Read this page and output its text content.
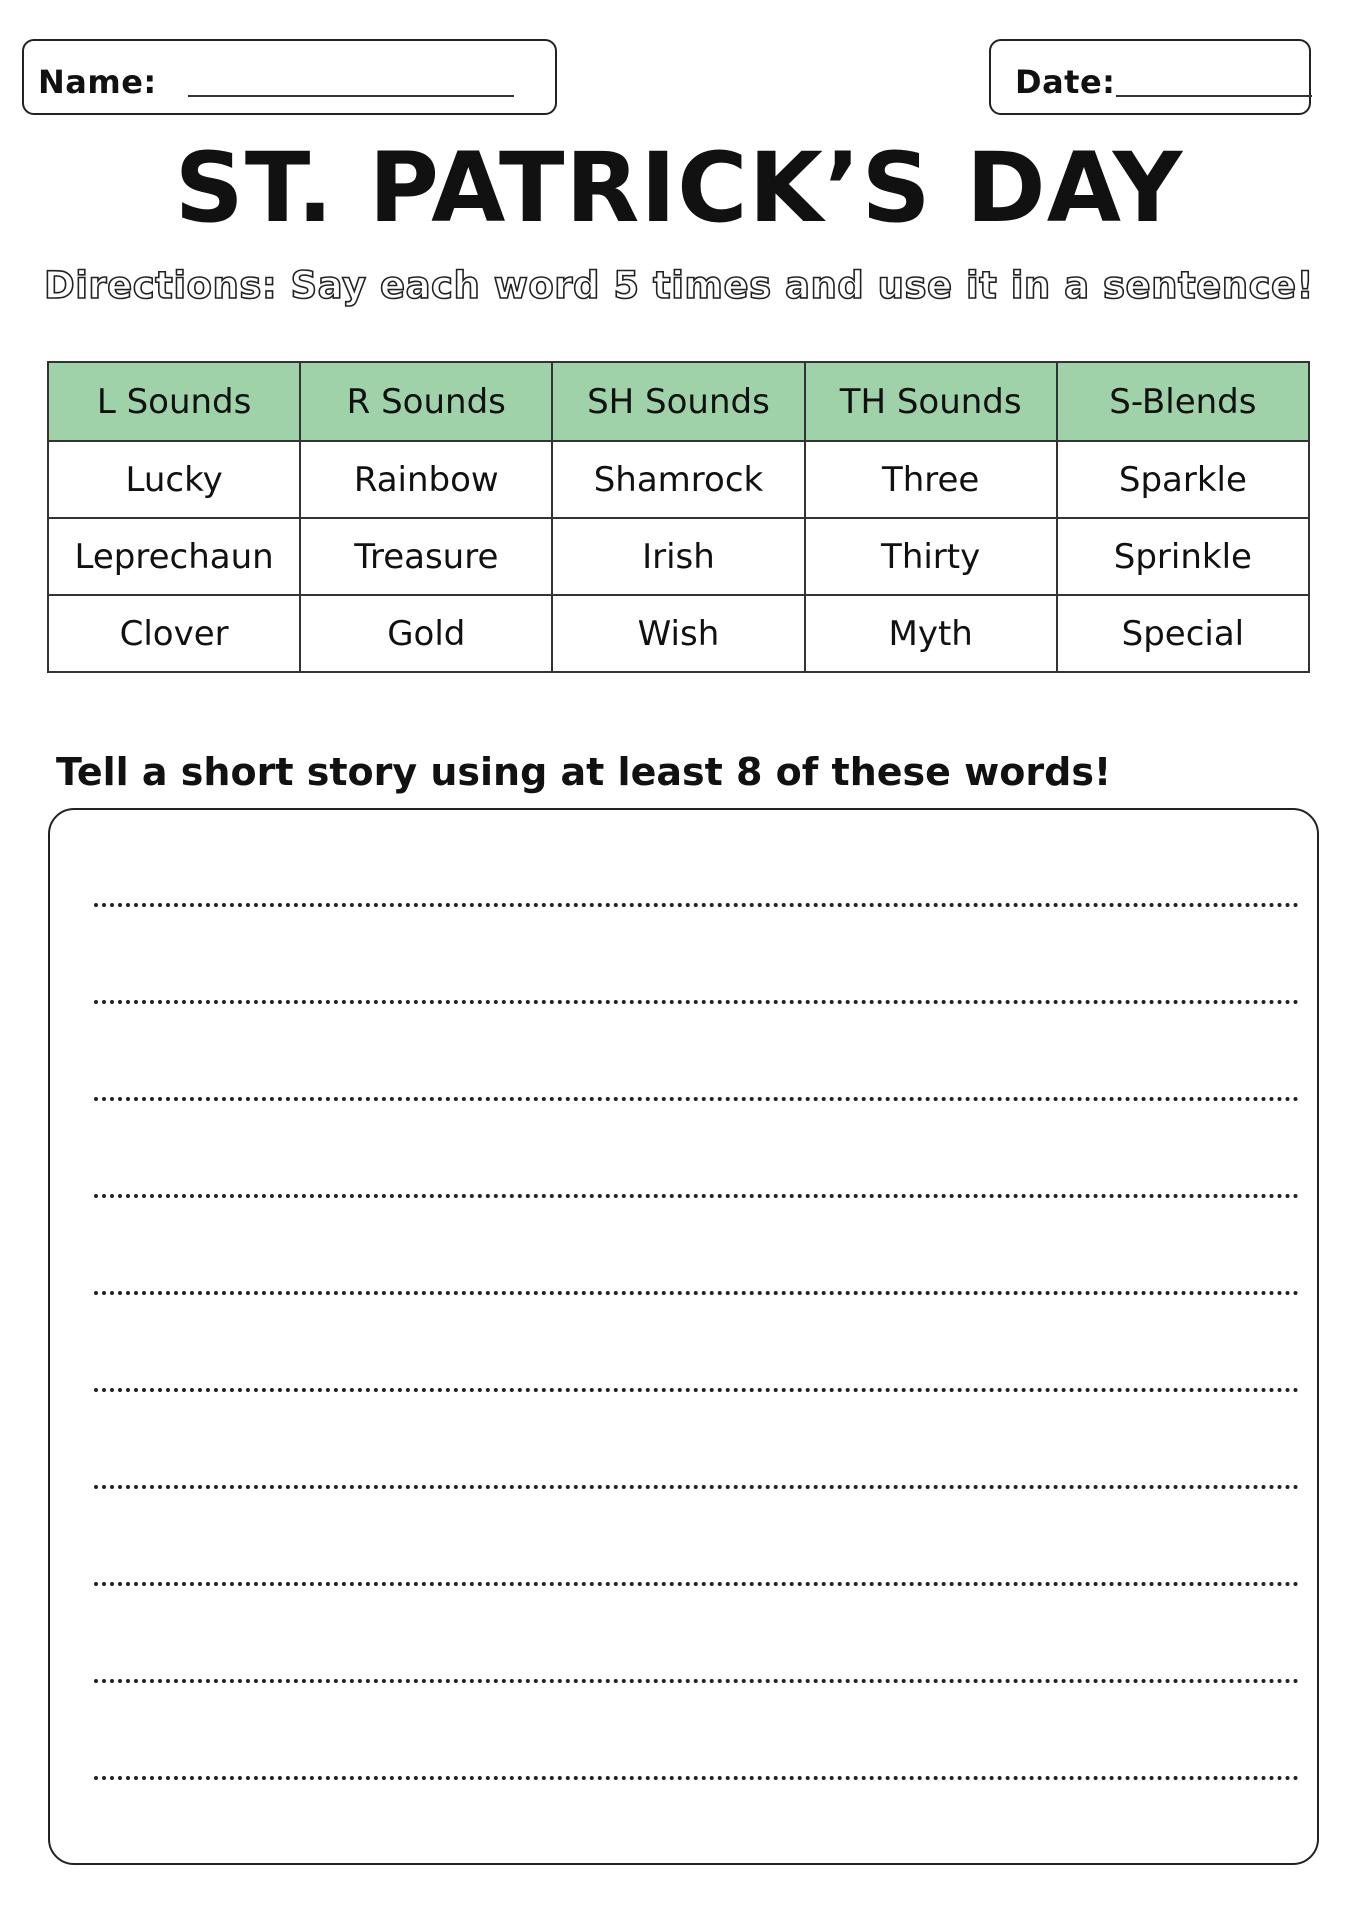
Name:	Date:
ST. PATRICK’S DAY
Directions: Say each word 5 times and use it in a sentence!
L Sounds	R Sounds	SH Sounds	TH Sounds	S-Blends
Lucky	Rainbow	Shamrock	Three	Sparkle
Leprechaun	Treasure	Irish	Thirty	Sprinkle
Clover	Gold	Wish	Myth	Special
Tell a short story using at least 8 of these words!
